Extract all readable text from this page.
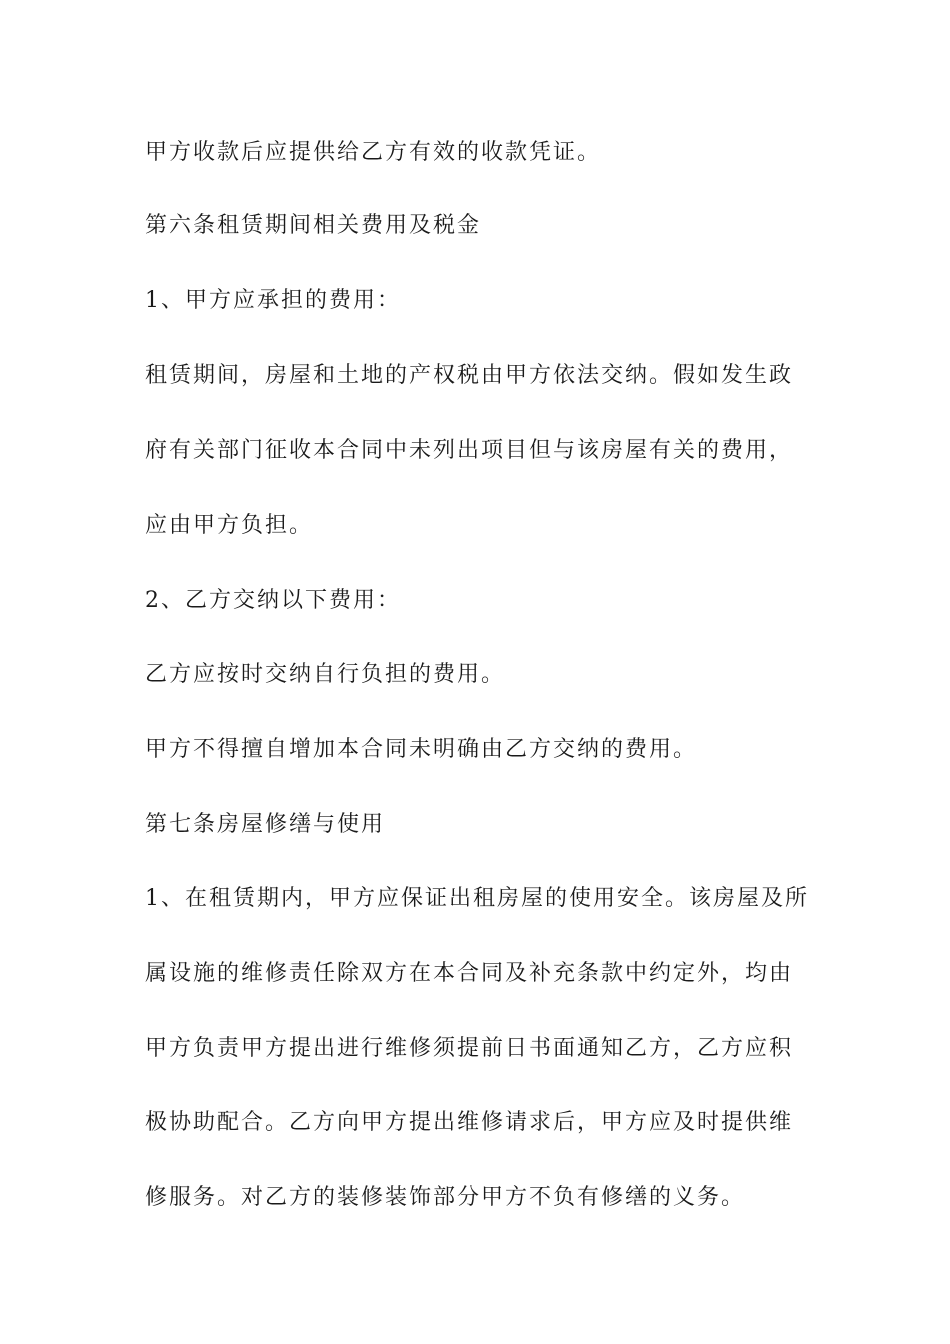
甲方收款后应提供给乙方有效的收款凭证。
第六条租赁期间相关费用及税金
1、甲方应承担的费用：
租赁期间，房屋和土地的产权税由甲方依法交纳。假如发生政
府有关部门征收本合同中未列出项目但与该房屋有关的费用，
应由甲方负担。
2、乙方交纳以下费用：
乙方应按时交纳自行负担的费用。
甲方不得擅自增加本合同未明确由乙方交纳的费用。
第七条房屋修缮与使用
1、在租赁期内，甲方应保证出租房屋的使用安全。该房屋及所
属设施的维修责任除双方在本合同及补充条款中约定外，均由
甲方负责甲方提出进行维修须提前日书面通知乙方，乙方应积
极协助配合。乙方向甲方提出维修请求后，甲方应及时提供维
修服务。对乙方的装修装饰部分甲方不负有修缮的义务。
